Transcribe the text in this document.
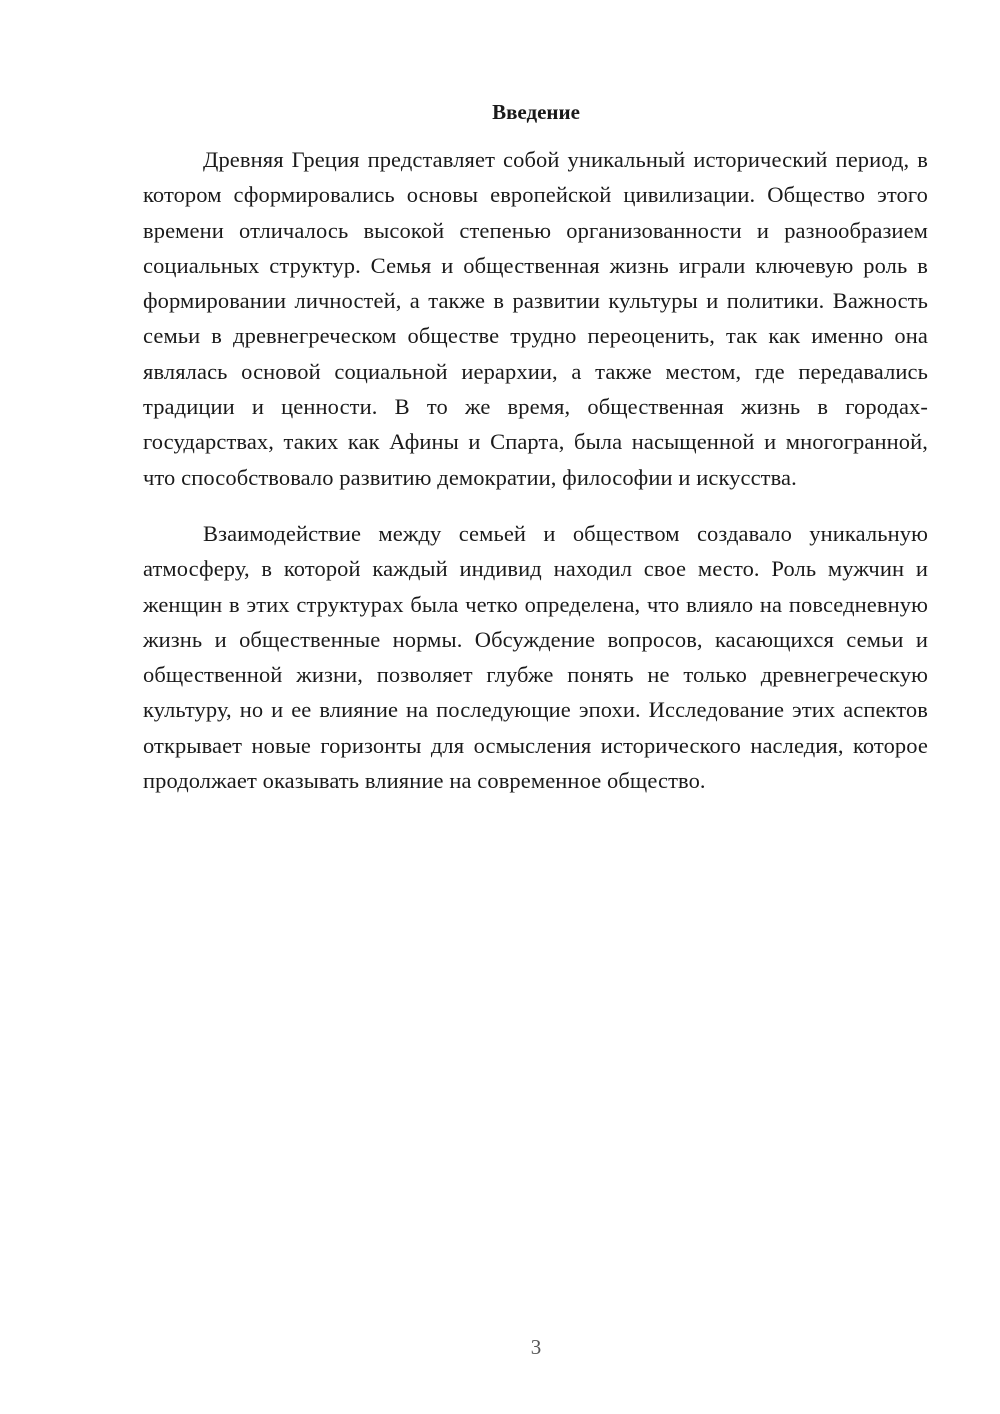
Введение

Древняя Греция представляет собой уникальный исторический период, в котором сформировались основы европейской цивилизации. Общество этого времени отличалось высокой степенью организованности и разнообразием социальных структур. Семья и общественная жизнь играли ключевую роль в формировании личностей, а также в развитии культуры и политики. Важность семьи в древнегреческом обществе трудно переоценить, так как именно она являлась основой социальной иерархии, а также местом, где передавались традиции и ценности. В то же время, общественная жизнь в городах-государствах, таких как Афины и Спарта, была насыщенной и многогранной, что способствовало развитию демократии, философии и искусства.

Взаимодействие между семьей и обществом создавало уникальную атмосферу, в которой каждый индивид находил свое место. Роль мужчин и женщин в этих структурах была четко определена, что влияло на повседневную жизнь и общественные нормы. Обсуждение вопросов, касающихся семьи и общественной жизни, позволяет глубже понять не только древнегреческую культуру, но и ее влияние на последующие эпохи. Исследование этих аспектов открывает новые горизонты для осмысления исторического наследия, которое продолжает оказывать влияние на современное общество.

3
